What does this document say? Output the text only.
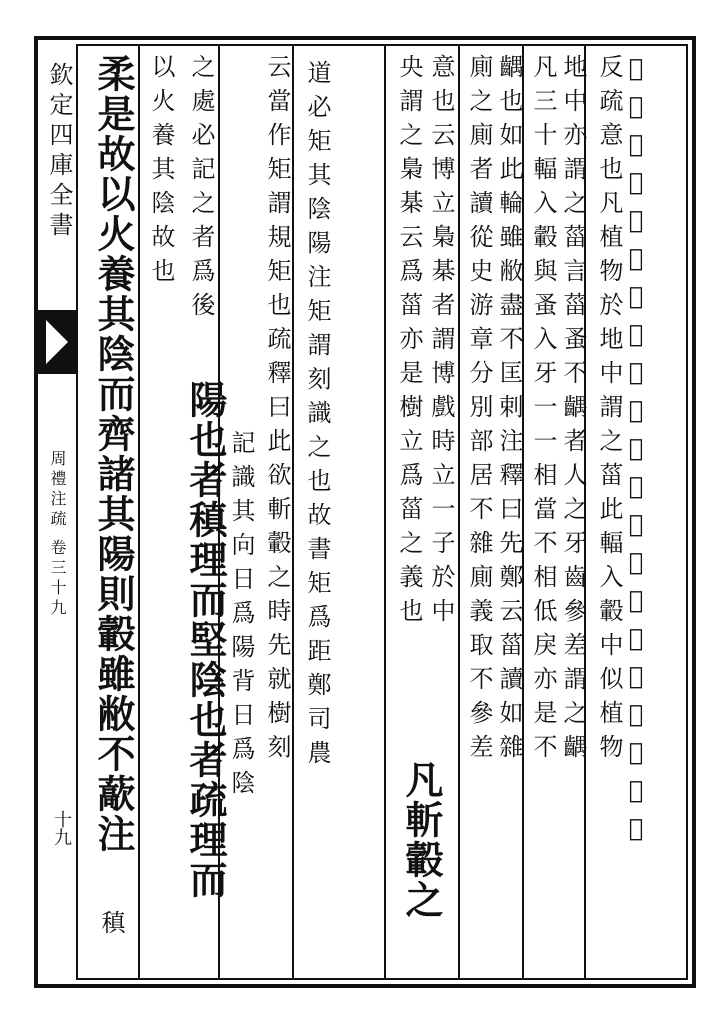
欽定四庫全書
周禮注疏 卷三十九
十九	𦍢疏釋曰上視輻入牙中此言察輻入轂中須得所之
反疏意也凡植物於地中謂之菑此輻入轂中似植物
地中亦謂之菑言菑蚤不齵者人之牙齒參差謂之齵
凡三十輻入轂與蚤入牙一一相當不相低戾亦是不
齵也如此輪雖敝盡不匡剌注釋曰先鄭云菑讀如雜
廁之廁者讀從史游章分別部居不雜廁義取不參差
意也云博立梟棊者謂博戲時立一子於中
央謂之梟棊云爲菑亦是樹立爲菑之義也
凡斬轂之
道必矩其陰陽注矩謂刻識之也故書矩爲距鄭司農
云當作矩謂規矩也疏釋曰此欲斬轂之時先就樹刻
陽也者稹理而堅陰也者疏理而 記識其向日爲陽背日爲陰
之處必記之者爲後
以火養其陰故也
柔是故以火養其陰而齊諸其陽則轂雖敝不藃注
稹
